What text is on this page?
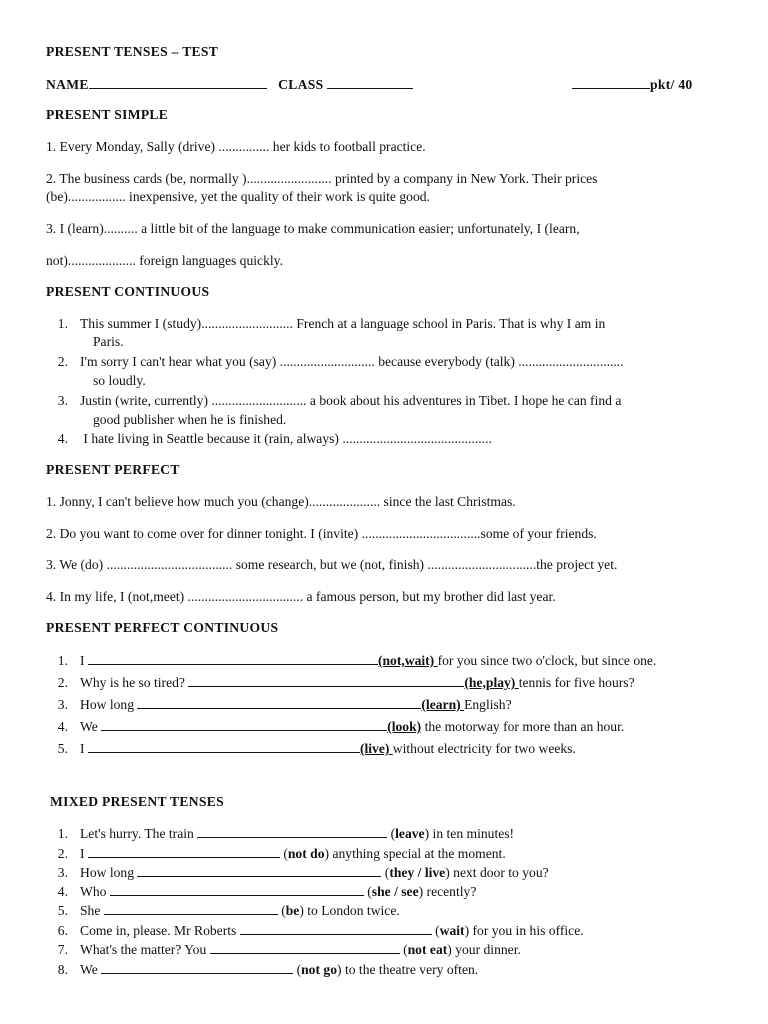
PRESENT TENSES – TEST
NAME	CLASS	pkt/ 40
PRESENT SIMPLE
1. Every Monday, Sally (drive) ............... her kids to football practice.
2. The business cards (be, normally )......................... printed by a company in New York. Their prices
(be)................. inexpensive, yet the quality of their work is quite good.
3. I (learn).......... a little bit of the language to make communication easier; unfortunately, I (learn,
not).................... foreign languages quickly.
PRESENT CONTINUOUS
1. This summer I (study)........................... French at a language school in Paris. That is why I am in
Paris.
2. I'm sorry I can't hear what you (say) ............................ because everybody (talk) ...............................
so loudly.
3. Justin (write, currently) ............................ a book about his adventures in Tibet. I hope he can find a
good publisher when he is finished.
4. I hate living in Seattle because it (rain, always) ............................................
PRESENT PERFECT
1. Jonny, I can't believe how much you (change)..................... since the last Christmas.
2. Do you want to come over for dinner tonight. I (invite) ...................................some of your friends.
3. We (do) ..................................... some research, but we (not, finish) ................................the project yet.
4. In my life, I (not,meet) .................................. a famous person, but my brother did last year.
PRESENT PERFECT CONTINUOUS
1. I	(not,wait) for you since two o'clock, but since one.
2. Why is he so tired?	(he,play) tennis for five hours?
3. How long	(learn) English?
4. We	(look) the motorway for more than an hour.
5. I	(live) without electricity for two weeks.
MIXED PRESENT TENSES
1. Let's hurry. The train	(leave) in ten minutes!
2. I	(not do) anything special at the moment.
3. How long	(they / live) next door to you?
4. Who	(she / see) recently?
5. She	(be) to London twice.
6. Come in, please. Mr Roberts	(wait) for you in his office.
7. What's the matter? You	(not eat) your dinner.
8. We	(not go) to the theatre very often.
